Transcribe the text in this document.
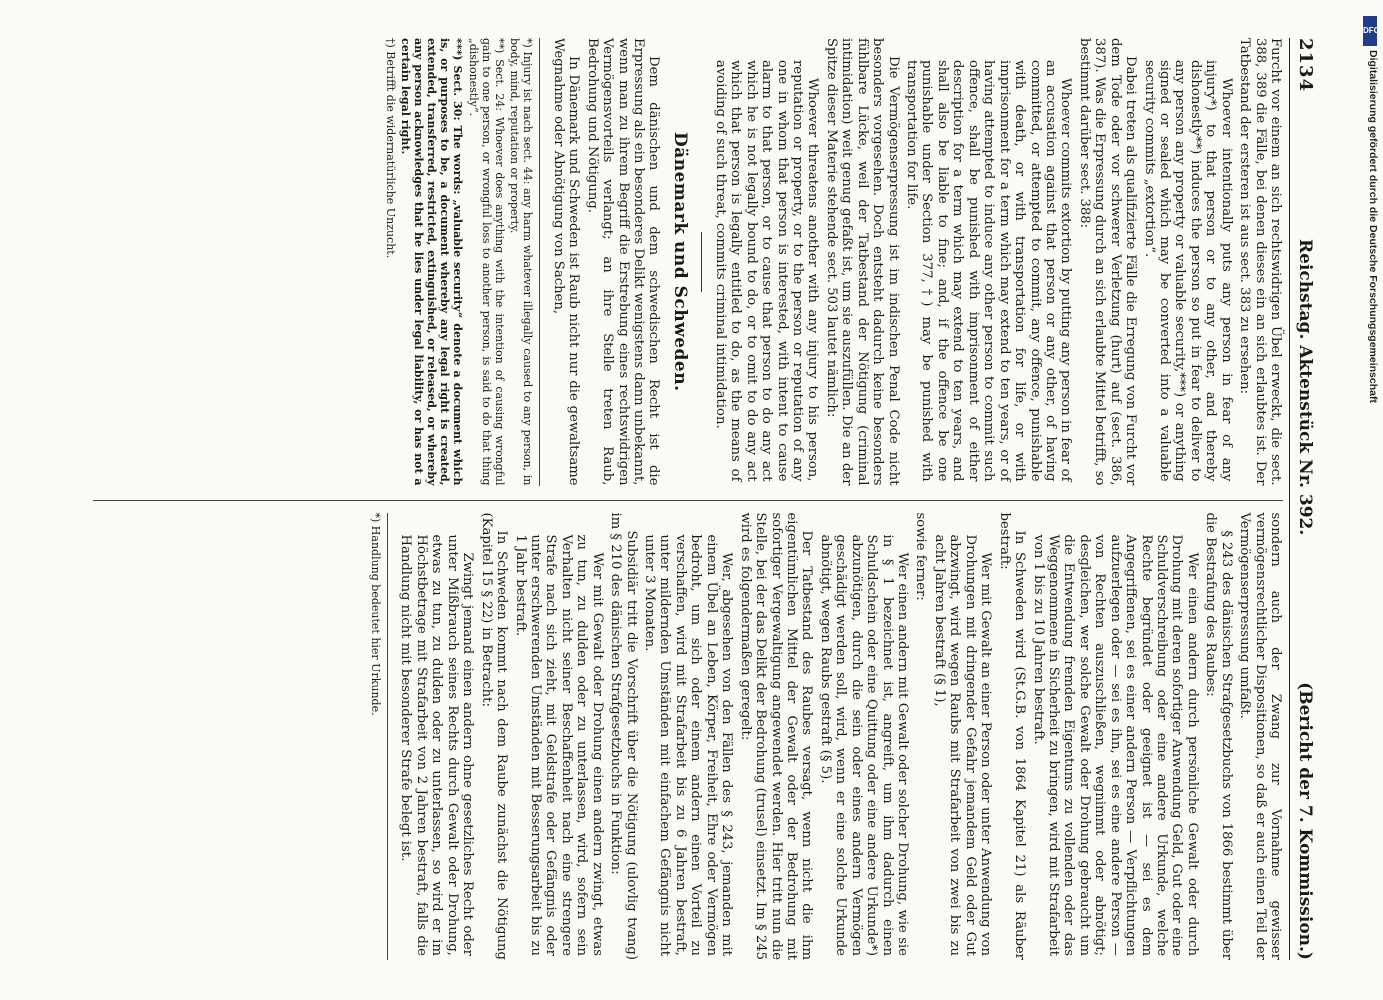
2134
Reichstag. Aktenstück Nr. 392.
(Bericht der 7. Kommission.)

Furcht vor einem an sich rechtswidrigen Übel erweckt, die sect. 388, 389 die Fälle, bei denen dieses ein an sich erlaubtes ist. Der Tatbestand der ersteren ist aus sect. 383 zu ersehen:

Whoever intentionally puts any person in fear of any injury*) to that person or to any other, and thereby dishonestly**) induces the person so put in fear to deliver to any person any property or valuable security,***) or anything signed or sealed which may be converted into a valuable security commits „extortion“.

Dabei treten als qualifizierte Fälle die Erregung von Furcht vor dem Tode oder vor schwerer Verletzung (hurt) auf (sect. 386, 387). Was die Erpressung durch an sich erlaubte Mittel betrifft, so bestimmt darüber sect. 388:

Whoever commits extortion by putting any person in fear of an accusation against that person or any other, of having committed, or attempted to commit, any offence, punishable with death, or with transportation for life, or with imprisonment for a term which may extend to ten years, or of having attempted to induce any other person to commit such offence, shall be punished with imprisonment of either description for a term which may extend to ten years, and shall also be liable to fine; and, if the offence be one punishable under Section 377,†) may be punished with transportation for life.

Die Vermögenserpressung ist im indischen Penal Code nicht besonders vorgesehen. Doch entsteht dadurch keine besonders fühlbare Lücke, weil der Tatbestand der Nötigung (criminal intimidation) weit genug gefaßt ist, um sie auszufüllen. Die an der Spitze dieser Materie stehende sect. 503 lautet nämlich:

Whoever threatens another with any injury to his person, reputation or property, or to the person or reputation of any one in whom that person is interested, with intent to cause alarm to that person, or to cause that person to do any act which he is not legally bound to do, or to omit to do any act which that person is legally entitled to do, as the means of avoiding of such threat, commits criminal intimidation.

Dänemark und Schweden.

Dem dänischen und dem schwedischen Recht ist die Erpressung als ein besonderes Delikt wenigstens dann unbekannt, wenn man zu ihrem Begriff die Erstrebung eines rechtswidrigen Vermögensvorteils verlangt; an ihre Stelle treten Raub, Bedrohung und Nötigung.

In Dänemark und Schweden ist Raub nicht nur die gewaltsame Wegnahme oder Abnötigung von Sachen,

*) Injury ist nach sect. 44: any harm whatever illegally caused to any person, in body, mind, reputation or property.

**) Sect. 24: Whoever does anything with the intention of causing wrongful gain to one person, or wrongful loss to another person, is said to do that thing „dishonestly“.

***) Sect. 30: The words: „valuable security“ denote a document which is, or purposes to be, a document whereby any legal right is created, extended, transferred, restricted, extinguished, or released, or whereby any person acknowledges that he lies under legal liability, or has not a certain legal right.

†) Betrifft die widernatürliche Unzucht.

sondern auch der Zwang zur Vornahme gewisser vermögensrechtlicher Dispositionen, so daß er auch einen Teil der Vermögenserpressung umfaßt.

§ 243 des dänischen Strafgesetzbuchs von 1866 bestimmt über die Bestrafung des Raubes:

Wer einen andern durch persönliche Gewalt oder durch Drohung mit deren sofortiger Anwendung Geld, Gut oder eine Schuldverschreibung oder eine andere Urkunde, welche Rechte begründet oder geeignet ist — sei es dem Angegriffenen, sei es einer andern Person — Verpflichtungen aufzuerlegen oder — sei es ihn, sei es eine andere Person — von Rechten auszuschließen, wegnimmt oder abnötigt; desgleichen, wer solche Gewalt oder Drohung gebraucht um die Entwendung fremden Eigentums zu vollenden oder das Weggenommene in Sicherheit zu bringen, wird mit Strafarbeit von 1 bis zu 10 Jahren bestraft.

In Schweden wird (St.G.B. von 1864 Kapitel 21) als Räuber bestraft:

Wer mit Gewalt an einer Person oder unter Anwendung von Drohungen mit dringender Gefahr jemandem Geld oder Gut abzwingt, wird wegen Raubs mit Strafarbeit von zwei bis zu acht Jahren bestraft (§ 1),

sowie ferner:

Wer einen andern mit Gewalt oder solcher Drohung, wie sie in § 1 bezeichnet ist, angreift, um ihm dadurch einen Schuldschein oder eine Quittung oder eine andere Urkunde*) abzunötigen, durch die sein oder eines andern Vermögen geschädigt werden soll, wird, wenn er eine solche Urkunde abnötigt, wegen Raubs gestraft (§ 5).

Der Tatbestand des Raubes versagt, wenn nicht die ihm eigentümlichen Mittel der Gewalt oder der Bedrohung mit sofortiger Vergewaltigung angewendet werden. Hier tritt nun die Stelle, bei der das Delikt der Bedrohung (trusel) einsetzt. Im § 245 wird es folgendermaßen geregelt:

Wer, abgesehen von den Fällen des § 243, jemanden mit einem Übel an Leben, Körper, Freiheit, Ehre oder Vermögen bedroht, um sich oder einem andern einen Vorteil zu verschaffen, wird mit Strafarbeit bis zu 6 Jahren bestraft, unter mildernden Umständen mit einfachem Gefängnis nicht unter 3 Monaten.

Subsidiär tritt die Vorschrift über die Nötigung (ulovlig tvang) im § 210 des dänischen Strafgesetzbuchs in Funktion:

Wer mit Gewalt oder Drohung einen andern zwingt, etwas zu tun, zu dulden oder zu unterlassen, wird, sofern sein Verhalten nicht seiner Beschaffenheit nach eine strengere Strafe nach sich zieht, mit Geldstrafe oder Gefängnis oder unter erschwerenden Umständen mit Besserungsarbeit bis zu 1 Jahr bestraft.

In Schweden kommt nach dem Raube zunächst die Nötigung (Kapitel 15 § 22) in Betracht:

Zwingt jemand einen andern ohne gesetzliches Recht oder unter Mißbrauch seines Rechts durch Gewalt oder Drohung, etwas zu tun, zu dulden oder zu unterlassen, so wird er im Höchstbetrage mit Strafarbeit von 2 Jahren bestraft, falls die Handlung nicht mit besonderer Strafe belegt ist.

*) Handlung bedeutet hier Urkunde.

DFG
Digitalisierung gefördert durch die Deutsche Forschungsgemeinschaft
